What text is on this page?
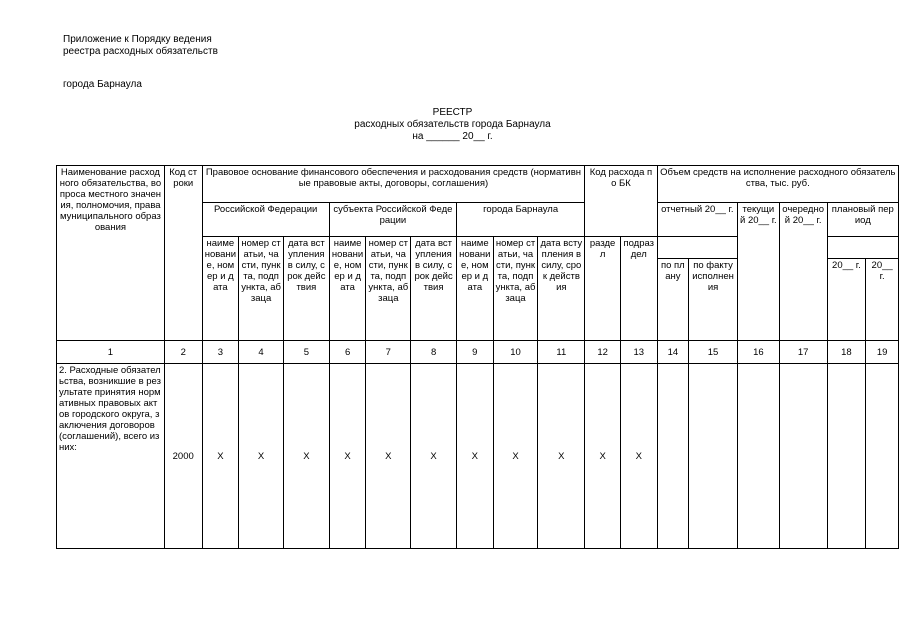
Приложение к Порядку ведения
реестра расходных обязательств
города Барнаула
РЕЕСТР
расходных обязательств города Барнаула
на ______ 20__ г.
Наименование расходного обязательства, вопроса местного значения, полномочия, права муниципального образования	Код строки	Правовое основание финансового обеспечения и расходования средств (нормативные правовые акты, договоры, соглашения)									Код расхода по БК		Объем средств на исполнение расходного обязательства, тыс. руб.					
		Российской Федерации			субъекта Российской Федерации			города Барнаула					отчетный 20__ г.		текущий 20__ г.	очередной 20__ г.	плановый период	
		наименование, номер и дата	номер статьи, части, пункта, подпункта, абзаца	дата вступления в силу, срок действия	наименование, номер и дата	номер статьи, части, пункта, подпункта, абзаца	дата вступления в силу, срок действия	наименование, номер и дата	номер статьи, части, пункта, подпункта, абзаца	дата вступления в силу, срок действия	раздел	подраздел						
													по плану	по факту исполнения			20__ г.	20__ г.
1	2	3	4	5	6	7	8	9	10	11	12	13	14	15	16	17	18	19
2. Расходные обязательства, возникшие в результате принятия нормативных правовых актов городского округа, заключения договоров (соглашений), всего из них:	2000	X	X	X	X	X	X	X	X	X	X	X						
